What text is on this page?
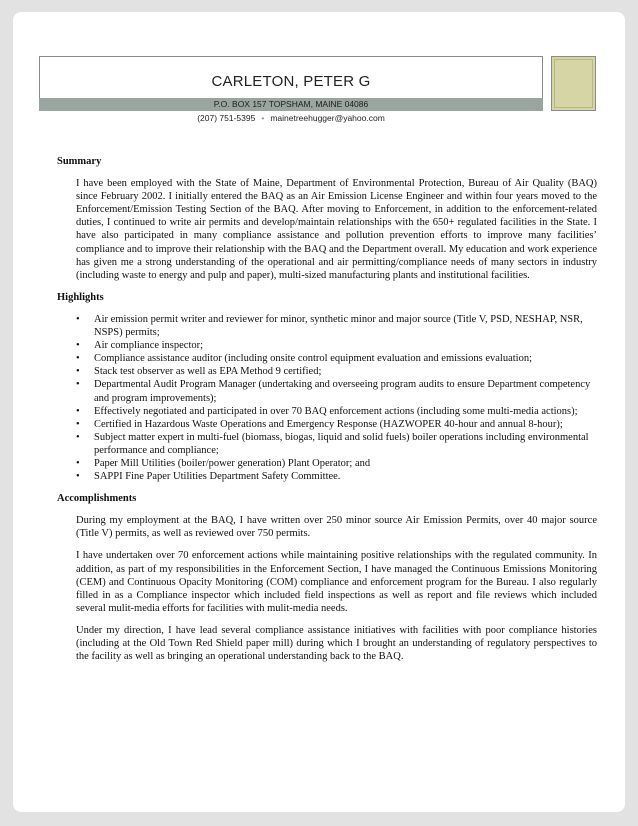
CARLETON, PETER G
P.O. BOX 157 TOPSHAM, MAINE 04086
(207) 751-5395 • mainetreehugger@yahoo.com
Summary

I have been employed with the State of Maine, Department of Environmental Protection, Bureau of Air Quality (BAQ) since February 2002. I initially entered the BAQ as an Air Emission License Engineer and within four years moved to the Enforcement/Emission Testing Section of the BAQ. After moving to Enforcement, in addition to the enforcement-related duties, I continued to write air permits and develop/maintain relationships with the 650+ regulated facilities in the State. I have also participated in many compliance assistance and pollution prevention efforts to improve many facilities’ compliance and to improve their relationship with the BAQ and the Department overall. My education and work experience has given me a strong understanding of the operational and air permitting/compliance needs of many sectors in industry (including waste to energy and pulp and paper), multi-sized manufacturing plants and institutional facilities.

Highlights
• Air emission permit writer and reviewer for minor, synthetic minor and major source (Title V, PSD, NESHAP, NSR, NSPS) permits;
• Air compliance inspector;
• Compliance assistance auditor (including onsite control equipment evaluation and emissions evaluation;
• Stack test observer as well as EPA Method 9 certified;
• Departmental Audit Program Manager (undertaking and overseeing program audits to ensure Department competency and program improvements);
• Effectively negotiated and participated in over 70 BAQ enforcement actions (including some multi-media actions);
• Certified in Hazardous Waste Operations and Emergency Response (HAZWOPER 40-hour and annual 8-hour);
• Subject matter expert in multi-fuel (biomass, biogas, liquid and solid fuels) boiler operations including environmental performance and compliance;
• Paper Mill Utilities (boiler/power generation) Plant Operator; and
• SAPPI Fine Paper Utilities Department Safety Committee.
Accomplishments

During my employment at the BAQ, I have written over 250 minor source Air Emission Permits, over 40 major source (Title V) permits, as well as reviewed over 750 permits.

I have undertaken over 70 enforcement actions while maintaining positive relationships with the regulated community. In addition, as part of my responsibilities in the Enforcement Section, I have managed the Continuous Emissions Monitoring (CEM) and Continuous Opacity Monitoring (COM) compliance and enforcement program for the Bureau. I also regularly filled in as a Compliance inspector which included field inspections as well as report and file reviews which included several mulit-media efforts for facilities with mulit-media needs.

Under my direction, I have lead several compliance assistance initiatives with facilities with poor compliance histories (including at the Old Town Red Shield paper mill) during which I brought an understanding of regulatory perspectives to the facility as well as bringing an operational understanding back to the BAQ.
